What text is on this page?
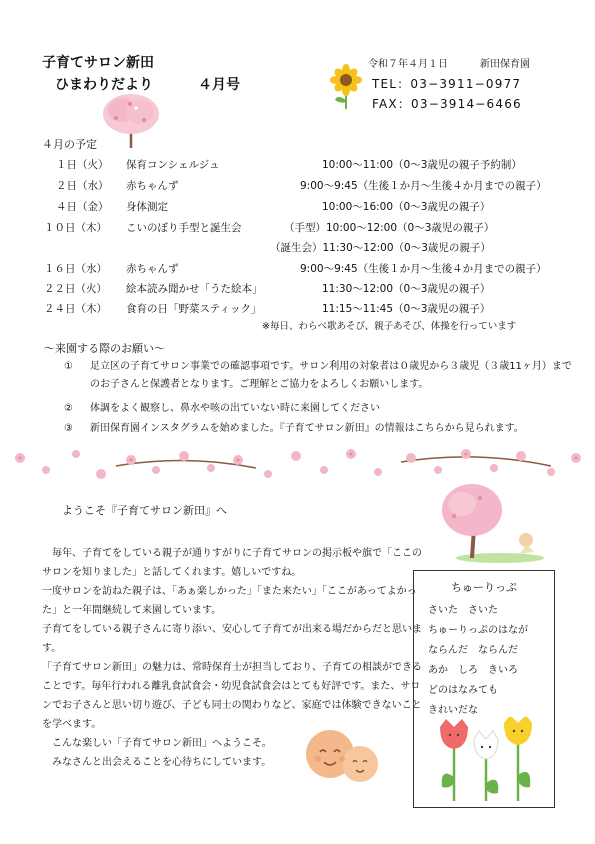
子育てサロン新田
ひまわりだより	４月号
令和７年４月１日	新田保育園
TEL：03−3911−0977
FAX：03−3914−6466
４月の予定
１日（火） 保育コンシェルジュ	10:00〜11:00（0〜3歳児の親子予約制）
２日（水） 赤ちゃんず	9:00〜9:45（生後１か月〜生後４か月までの親子）
４日（金） 身体測定	10:00〜16:00（0〜3歳児の親子）
１０日（木） こいのぼり手型と誕生会	（手型）10:00〜12:00（0〜3歳児の親子）
（誕生会）11:30〜12:00（0〜3歳児の親子）
１６日（水） 赤ちゃんず	9:00〜9:45（生後１か月〜生後４か月までの親子）
２２日（火） 絵本読み聞かせ「うた絵本」	11:30〜12:00（0〜3歳児の親子）
２４日（木） 食育の日「野菜スティック」	11:15〜11:45（0〜3歳児の親子）
※毎日、わらべ歌あそび、親子あそび、体操を行っています
〜来園する際のお願い〜
① 足立区の子育てサロン事業での確認事項です。サロン利用の対象者は０歳児から３歳児（３歳11ヶ月）までのお子さんと保護者となります。ご理解とご協力をよろしくお願いします。
② 体調をよく観察し、鼻水や咳の出ていない時に来園してください
③ 新田保育園インスタグラムを始めました。『子育てサロン新田』の情報はこちらから見られます。
ようこそ『子育てサロン新田』へ

　毎年、子育てをしている親子が通りすがりに子育てサロンの掲示板や旗で「ここのサロンを知りました」と話してくれます。嬉しいですね。

一度サロンを訪ねた親子は、「あぁ楽しかった」「また来たい」「ここがあってよかった」と一年間継続して来園しています。

子育てをしている親子さんに寄り添い、安心して子育てが出来る場だからだと思います。

「子育てサロン新田」の魅力は、常時保育士が担当しており、子育ての相談ができることです。毎年行われる離乳食試食会・幼児食試食会はとても好評です。また、サロンでお子さんと思い切り遊び、子ども同士の関わりなど、家庭では体験できないことを学べます。

　こんな楽しい「子育てサロン新田」へようこそ。

　みなさんと出会えることを心待ちにしています。

ちゅーりっぷ
さいた　さいた
ちゅーりっぷのはなが
ならんだ　ならんだ
あか　しろ　きいろ
どのはなみても
きれいだな
